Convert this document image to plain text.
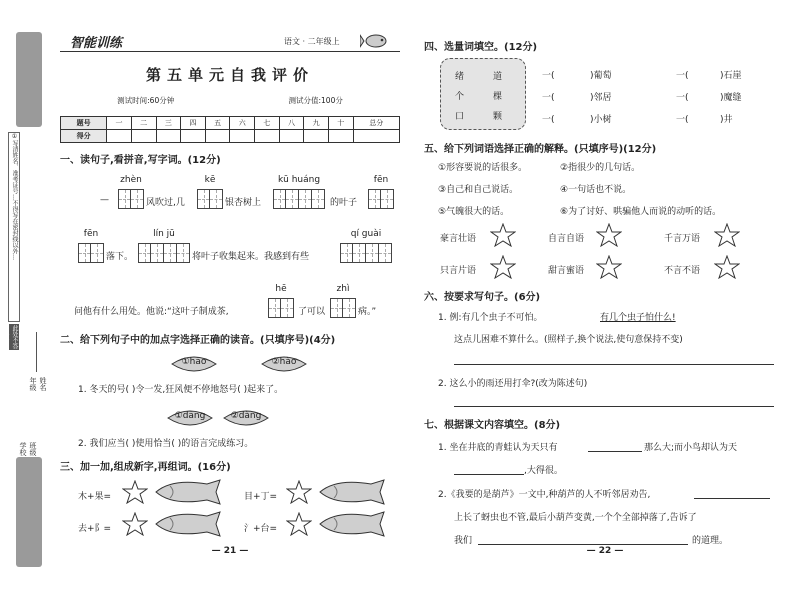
①写清姓名、准考证号…不得写在密封线以外…
此处不答题
年级 姓名
学校 班级
智能训练	语文 · 二年级上
第五单元自我评价
测试时间:60分钟	测试分值:100分
题号	一	二	三	四	五	六	七	八	九	十	总分
得分											
一、读句子,看拼音,写字词。(12分)
zhèn	kē	kū huáng	fēn
—	风吹过,几	银杏树上	的叶子
fēn	lín jū	qí guài
落下。	将叶子收集起来。我感到有些
hē	zhì
问他有什么用处。他说:“这叶子制成茶,	了可以	病。”
二、给下列句子中的加点字选择正确的读音。(只填序号)(4分)
①hāo	②hào
1. 冬天的号( )令一发,狂风便不停地怒号( )起来了。
①dāng	②dàng
2. 我们应当( )使用恰当( )的语言完成练习。
三、加一加,组成新字,再组词。(16分)
木+果=	目+丁=
去+阝=	氵+台=
— 21 —
四、选量词填空。(12分)
绪	道
个	棵
口	颗
一(	)葡萄	一(	)石崖
一(	)邻居	一(	)魔缝
一(	)小树	一(	)井
五、给下列词语选择正确的解释。(只填序号)(12分)
①形容要说的话很多。	②指很少的几句话。
③自己和自己说话。	④一句话也不说。
⑤气魄很大的话。	⑥为了讨好、哄骗他人而说的动听的话。
豪言壮语	自言自语	千言万语
只言片语	甜言蜜语	不言不语
六、按要求写句子。(6分)
1. 例:有几个虫子不可怕。	有几个虫子怕什么!
这点儿困难不算什么。(照样子,换个说法,使句意保持不变)
2. 这么小的雨还用打伞?(改为陈述句)
七、根据课文内容填空。(8分)
1. 坐在井底的青蛙认为天只有	那么大;而小鸟却认为天
,大得很。
2.《我要的是葫芦》一文中,种葫芦的人不听邻居劝告,
上长了蚜虫也不管,最后小葫芦变黄,一个个全部掉落了,告诉了
我们	的道理。
— 22 —
